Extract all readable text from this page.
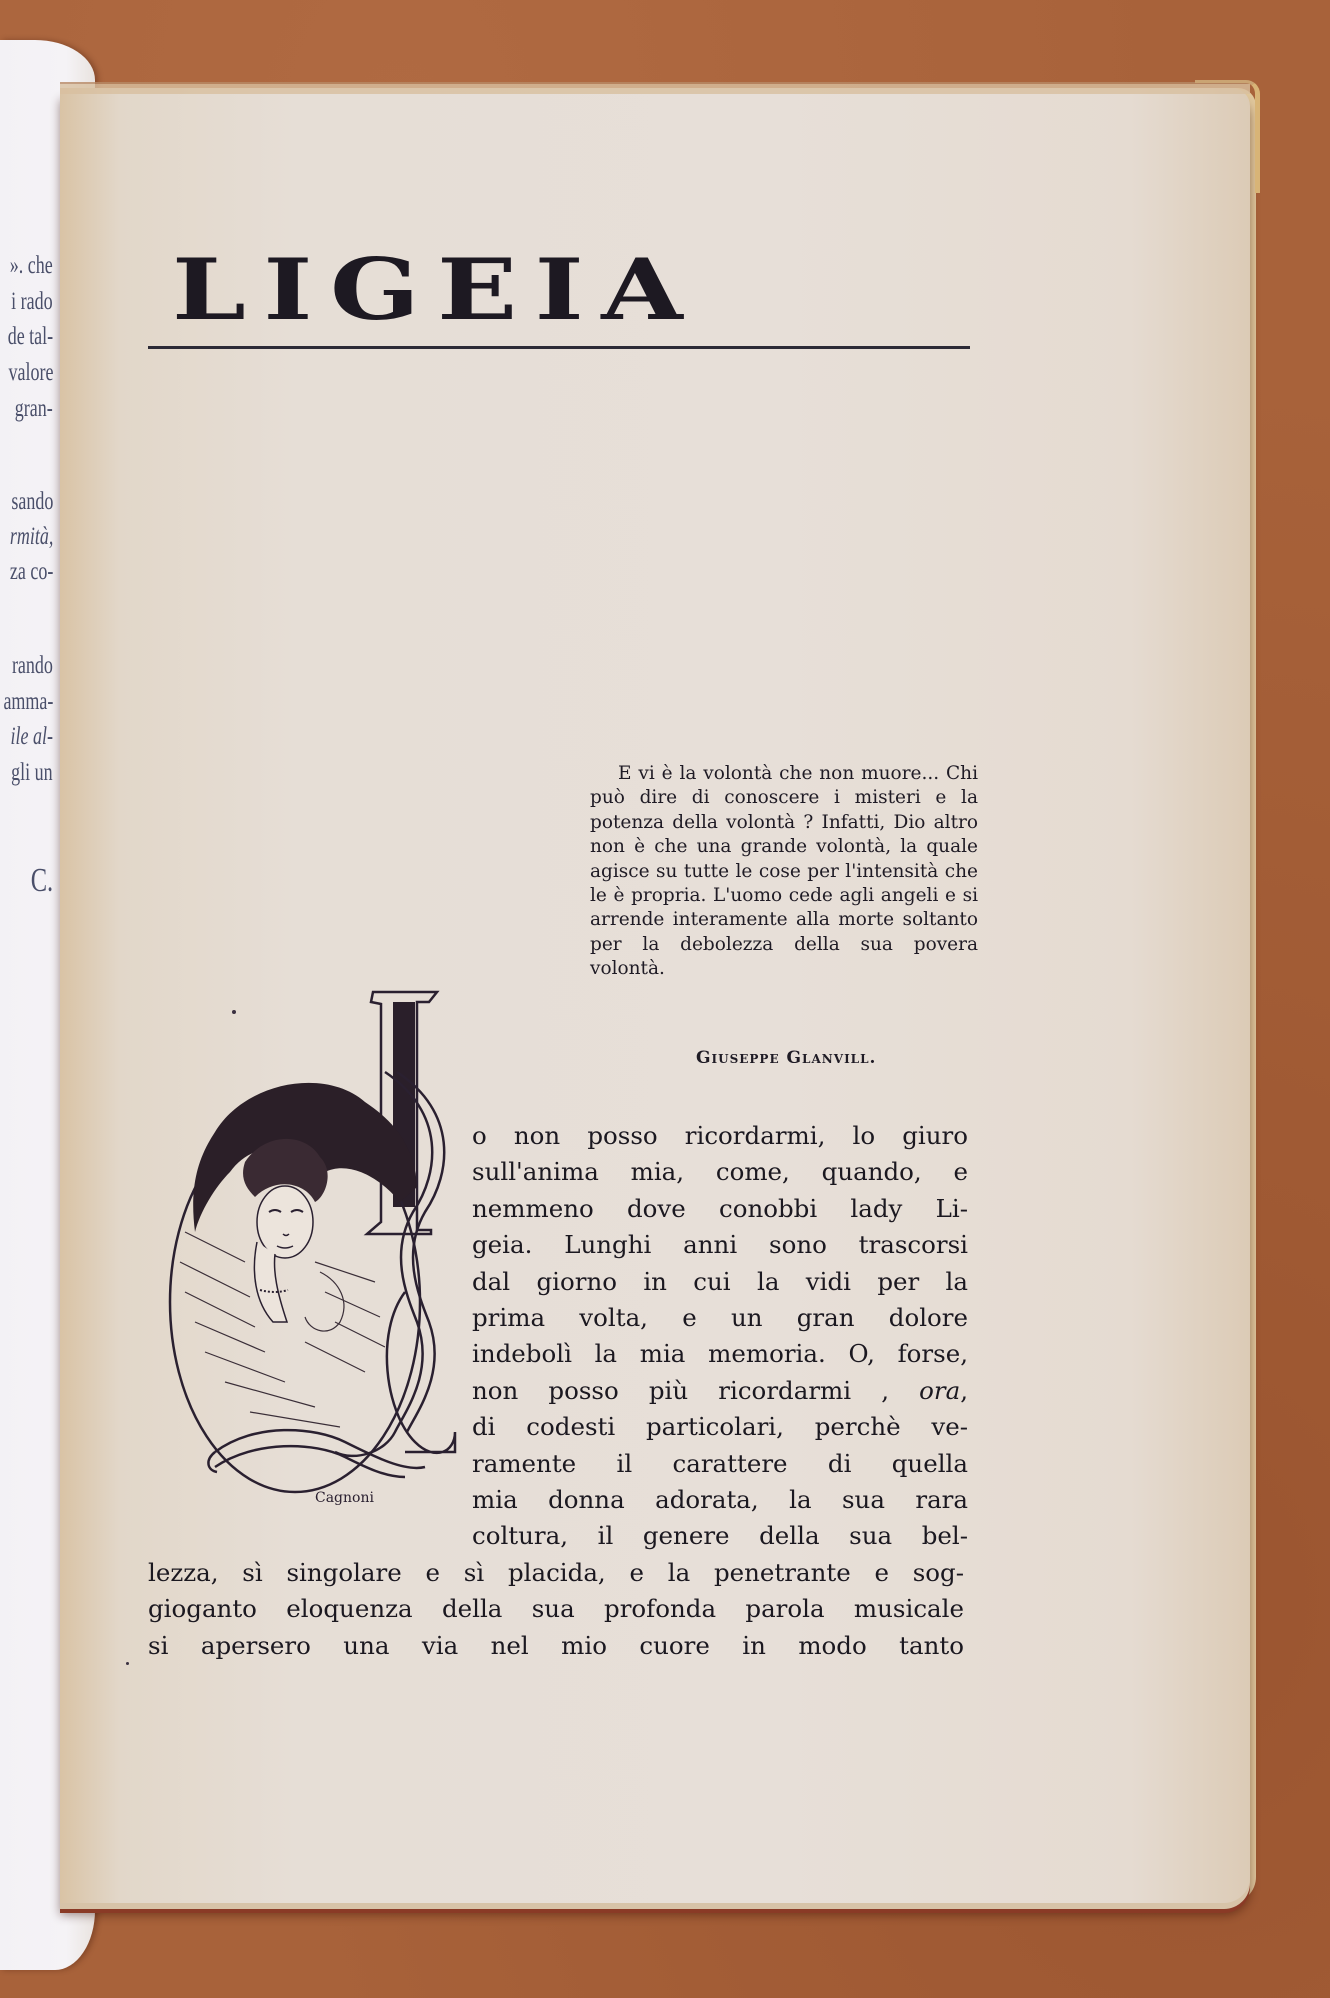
». che
i rado
de tal-
valore
gran-
sando
rmità,
za co-
rando
amma-
ile al-
gli un
C.
LIGEIA

E vi è la volontà che non muore... Chi può dire di conoscere i misteri e la potenza della volontà ? Infatti, Dio altro non è che una grande volontà, la quale agisce su tutte le cose per l'intensità che le è propria. L'uomo cede agli angeli e si arrende interamente alla morte soltanto per la debolezza della sua povera volontà.

Giuseppe Glanvill.
Cagnoni
o non posso ricordarmi, lo giuro
sull'anima mia, come, quando, e
nemmeno dove conobbi lady Li-
geia. Lunghi anni sono trascorsi
dal giorno in cui la vidi per la
prima volta, e un gran dolore
indebolì la mia memoria. O, forse,
non posso più ricordarmi , ora,
di codesti particolari, perchè ve-
ramente il carattere di quella
mia donna adorata, la sua rara
coltura, il genere della sua bel-
lezza, sì singolare e sì placida, e la penetrante e sog-
gioganto eloquenza della sua profonda parola musicale
si apersero una via nel mio cuore in modo tanto
